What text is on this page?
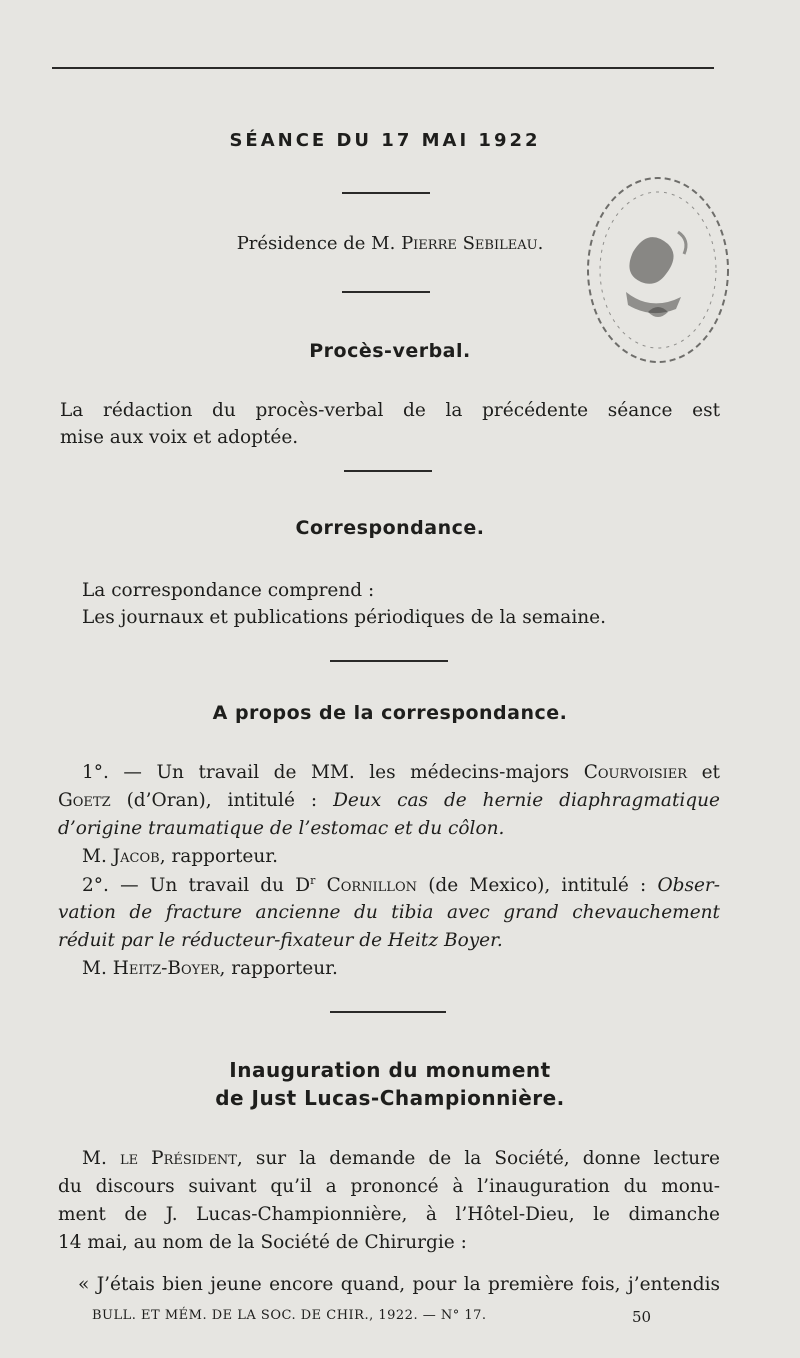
SÉANCE DU 17 MAI 1922
Présidence de M. Pierre Sebileau.
Procès-verbal.
La rédaction du procès-verbal de la précédente séance est
mise aux voix et adoptée.
Correspondance.
La correspondance comprend :
Les journaux et publications périodiques de la semaine.
A propos de la correspondance.
1°. — Un travail de MM. les médecins-majors Courvoisier et
Goetz (d’Oran), intitulé : Deux cas de hernie diaphragmatique
d’origine traumatique de l’estomac et du côlon.
M. Jacob, rapporteur.
2°. — Un travail du $D^r$ Cornillon (de Mexico), intitulé : Obser-
vation de fracture ancienne du tibia avec grand chevauchement
réduit par le réducteur-fixateur de Heitz Boyer.
M. Heitz-Boyer, rapporteur.
Inauguration du monument
de Just Lucas-Championnière.
M. le Président, sur la demande de la Société, donne lecture
du discours suivant qu’il a prononcé à l’inauguration du monu-
ment de J. Lucas-Championnière, à l’Hôtel-Dieu, le dimanche
14 mai, au nom de la Société de Chirurgie :
« J’étais bien jeune encore quand, pour la première fois, j’entendis
BULL. ET MÉM. DE LA SOC. DE CHIR., 1922. — N° 17.	50
